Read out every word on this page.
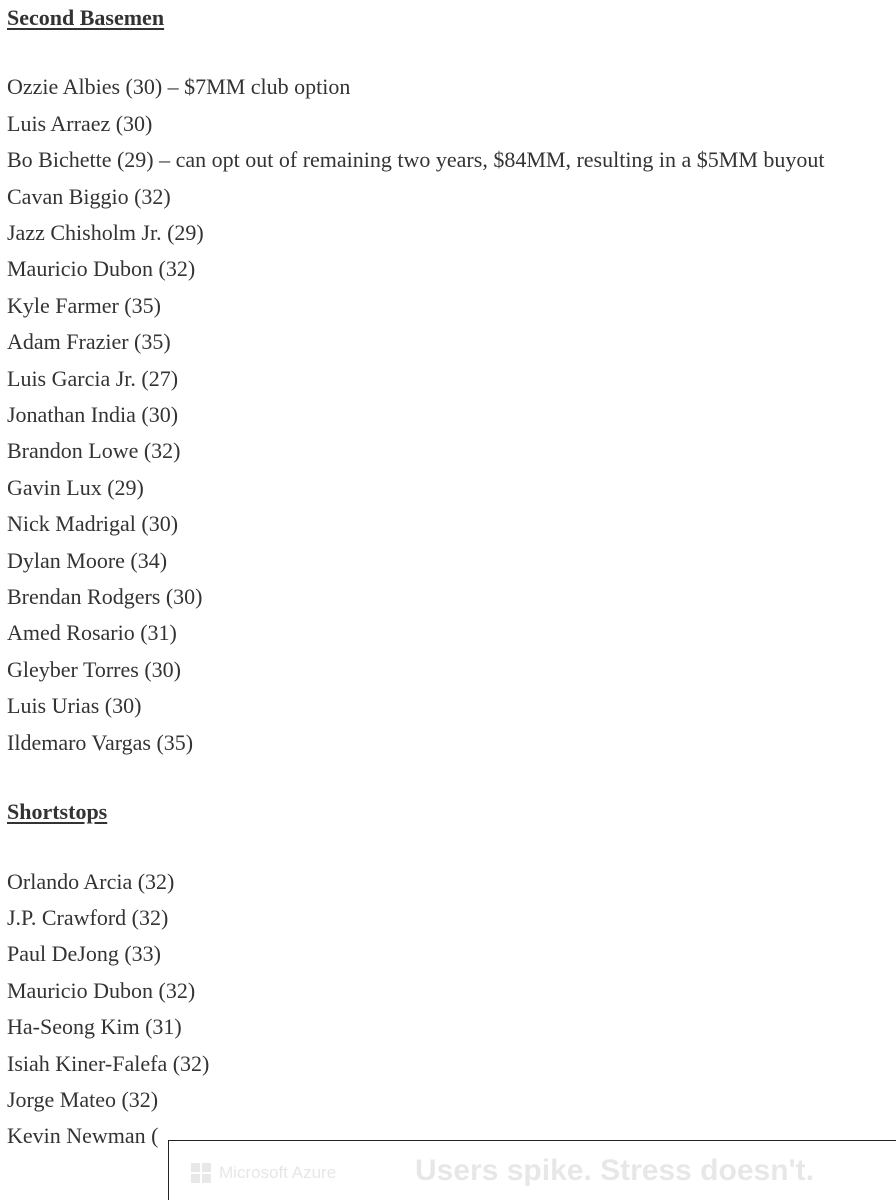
Second Basemen
Ozzie Albies (30) – $7MM club option
Luis Arraez (30)
Bo Bichette (29) – can opt out of remaining two years, $84MM, resulting in a $5MM buyout
Cavan Biggio (32)
Jazz Chisholm Jr. (29)
Mauricio Dubon (32)
Kyle Farmer (35)
Adam Frazier (35)
Luis Garcia Jr. (27)
Jonathan India (30)
Brandon Lowe (32)
Gavin Lux (29)
Nick Madrigal (30)
Dylan Moore (34)
Brendan Rodgers (30)
Amed Rosario (31)
Gleyber Torres (30)
Luis Urias (30)
Ildemaro Vargas (35)
Shortstops
Orlando Arcia (32)
J.P. Crawford (32)
Paul DeJong (33)
Mauricio Dubon (32)
Ha-Seong Kim (31)
Isiah Kiner-Falefa (32)
Jorge Mateo (32)
Kevin Newman (
Microsoft Azure	Users spike. Stress doesn't.
